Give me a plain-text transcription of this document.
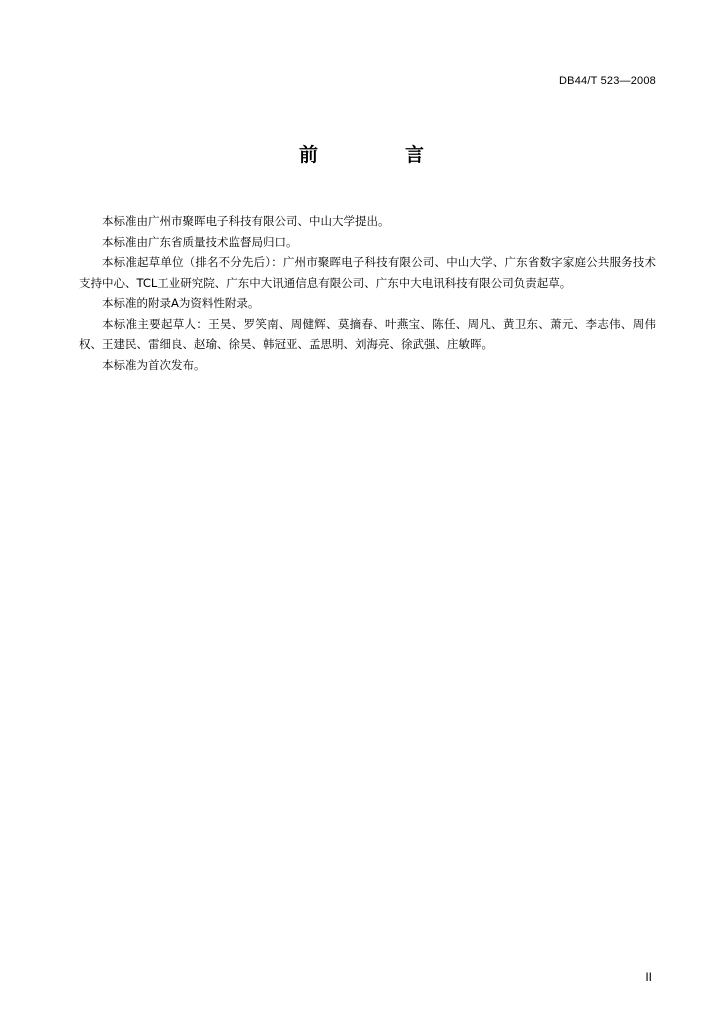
DB44/T 523—2008
前　言

本标准由广州市聚晖电子科技有限公司、中山大学提出。

本标准由广东省质量技术监督局归口。

本标准起草单位（排名不分先后）：广州市聚晖电子科技有限公司、中山大学、广东省数字家庭公共服务技术支持中心、TCL工业研究院、广东中大讯通信息有限公司、广东中大电讯科技有限公司负责起草。

本标准的附录A为资料性附录。

本标准主要起草人：王昊、罗笑南、周健辉、莫摘春、叶燕宝、陈任、周凡、黄卫东、萧元、李志伟、周伟权、王建民、雷细良、赵瑜、徐昊、韩冠亚、孟思明、刘海亮、徐武强、庄敏晖。

本标准为首次发布。

II
